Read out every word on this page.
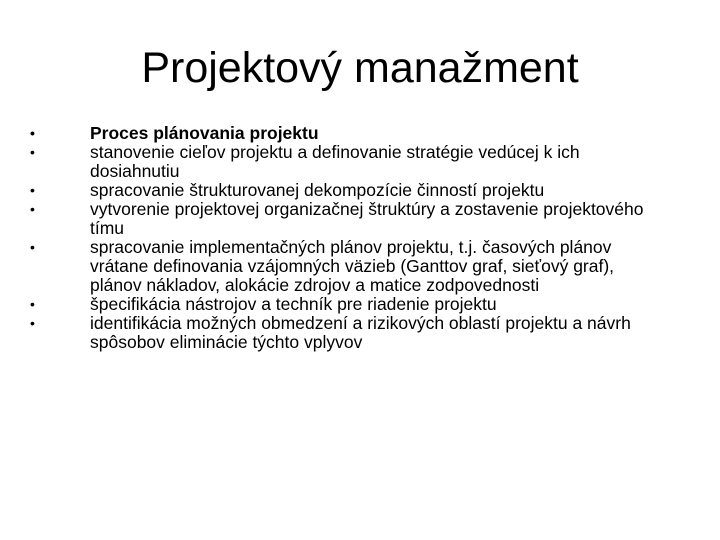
Projektový manažment
•	Proces plánovania projektu
•	stanovenie cieľov projektu a definovanie stratégie vedúcej k ich dosiahnutiu
•	spracovanie štrukturovanej dekompozície činností projektu
•	vytvorenie projektovej organizačnej štruktúry a zostavenie projektového tímu
•	spracovanie implementačných plánov projektu, t.j. časových plánov vrátane definovania vzájomných väzieb (Ganttov graf, sieťový graf), plánov nákladov, alokácie zdrojov a matice zodpovednosti
•	špecifikácia nástrojov a techník pre riadenie projektu
•	identifikácia možných obmedzení a rizikových oblastí projektu a návrh spôsobov eliminácie týchto vplyvov
